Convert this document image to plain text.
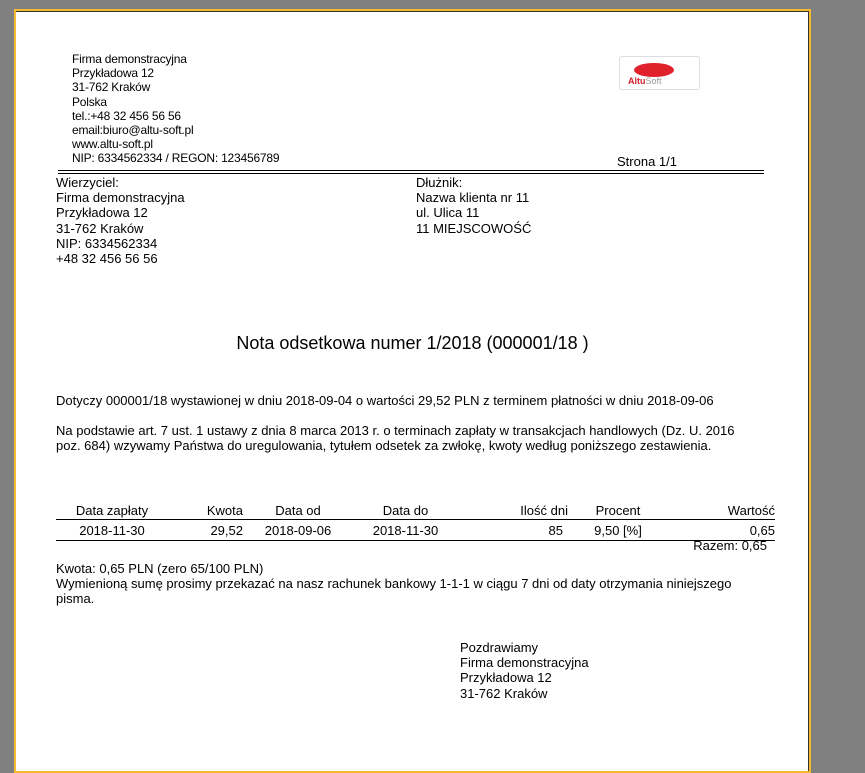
Firma demonstracyjna
Przykładowa 12
31-762 Kraków
Polska
tel.:+48 32 456 56 56
email:biuro@altu-soft.pl
www.altu-soft.pl
NIP: 6334562334 / REGON: 123456789
AltuSoft
Strona 1/1
Wierzyciel:
Firma demonstracyjna
Przykładowa 12
31-762 Kraków
NIP: 6334562334
+48 32 456 56 56
Dłużnik:
Nazwa klienta nr 11
ul. Ulica 11
11 MIEJSCOWOŚĆ
Nota odsetkowa numer 1/2018 (000001/18 )
Dotyczy 000001/18 wystawionej w dniu 2018-09-04 o wartości 29,52 PLN z terminem płatności w dniu 2018-09-06
Na podstawie art. 7 ust. 1 ustawy z dnia 8 marca 2013 r. o terminach zapłaty w transakcjach handlowych (Dz. U. 2016
poz. 684) wzywamy Państwa do uregulowania, tytułem odsetek za zwłokę, kwoty według poniższego zestawienia.
Data zapłaty	Kwota	Data od	Data do	Ilość dni	Procent	Wartość
2018-11-30	29,52	2018-09-06	2018-11-30	85	9,50 [%]	0,65
Razem: 0,65
Kwota: 0,65 PLN (zero 65/100 PLN)
Wymienioną sumę prosimy przekazać na nasz rachunek bankowy 1-1-1 w ciągu 7 dni od daty otrzymania niniejszego
pisma.
Pozdrawiamy
Firma demonstracyjna
Przykładowa 12
31-762 Kraków
